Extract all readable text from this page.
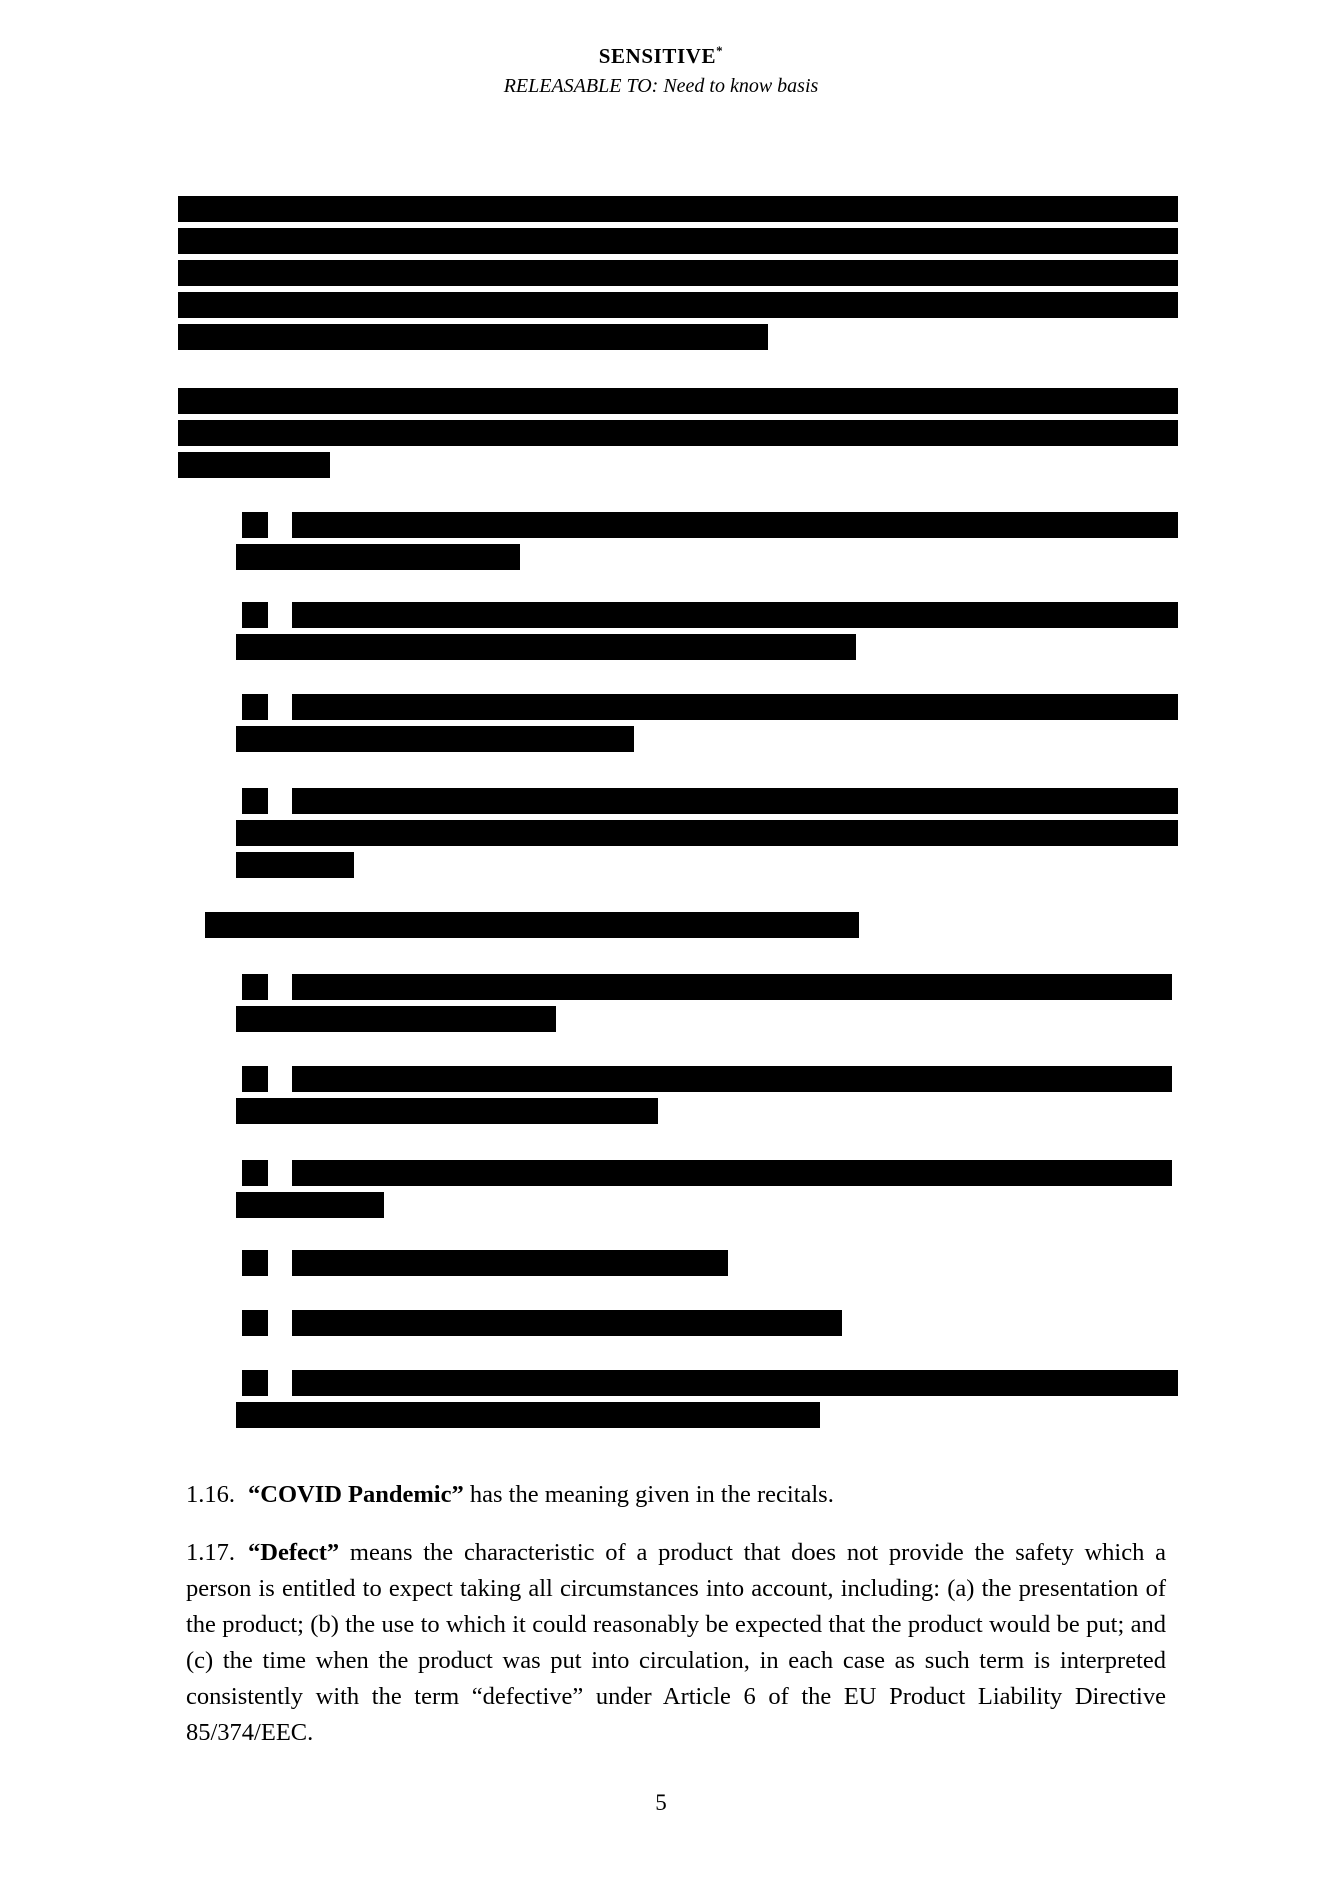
SENSITIVE*
RELEASABLE TO: Need to know basis

1.16. “COVID Pandemic” has the meaning given in the recitals.

1.17. “Defect” means the characteristic of a product that does not provide the safety which a person is entitled to expect taking all circumstances into account, including: (a) the presentation of the product; (b) the use to which it could reasonably be expected that the product would be put; and (c) the time when the product was put into circulation, in each case as such term is interpreted consistently with the term “defective” under Article 6 of the EU Product Liability Directive 85/374/EEC.

5
